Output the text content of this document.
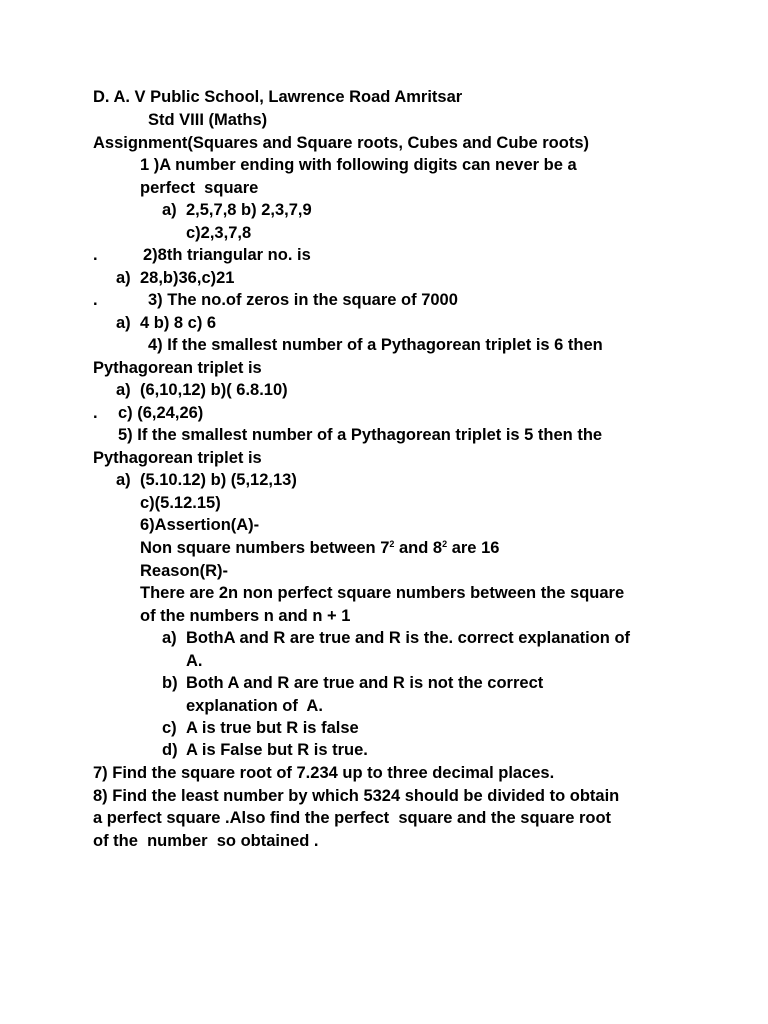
D. A. V Public School, Lawrence Road Amritsar
Std VIII (Maths)
Assignment(Squares and Square roots, Cubes and Cube roots)
1 )A number ending with following digits can never be a
perfect  square
a) 2,5,7,8 b) 2,3,7,9
c)2,3,7,8
.	2)8th triangular no. is
a) 28,b)36,c)21
.	3) The no.of zeros in the square of 7000
a) 4 b) 8 c) 6
4) If the smallest number of a Pythagorean triplet is 6 then
Pythagorean triplet is
a) (6,10,12) b)( 6.8.10)
. c) (6,24,26)
5) If the smallest number of a Pythagorean triplet is 5 then the
Pythagorean triplet is
a) (5.10.12) b) (5,12,13)
c)(5.12.15)
6)Assertion(A)-
Non square numbers between $7^2$ and $8^2$ are 16
Reason(R)-
There are 2n non perfect square numbers between the square
of the numbers n and n + 1
a) BothA and R are true and R is the. correct explanation of
A.
b) Both A and R are true and R is not the correct
explanation of  A.
c) A is true but R is false
d) A is False but R is true.
7) Find the square root of 7.234 up to three decimal places.
8) Find the least number by which 5324 should be divided to obtain
a perfect square .Also find the perfect  square and the square root
of the  number  so obtained .
